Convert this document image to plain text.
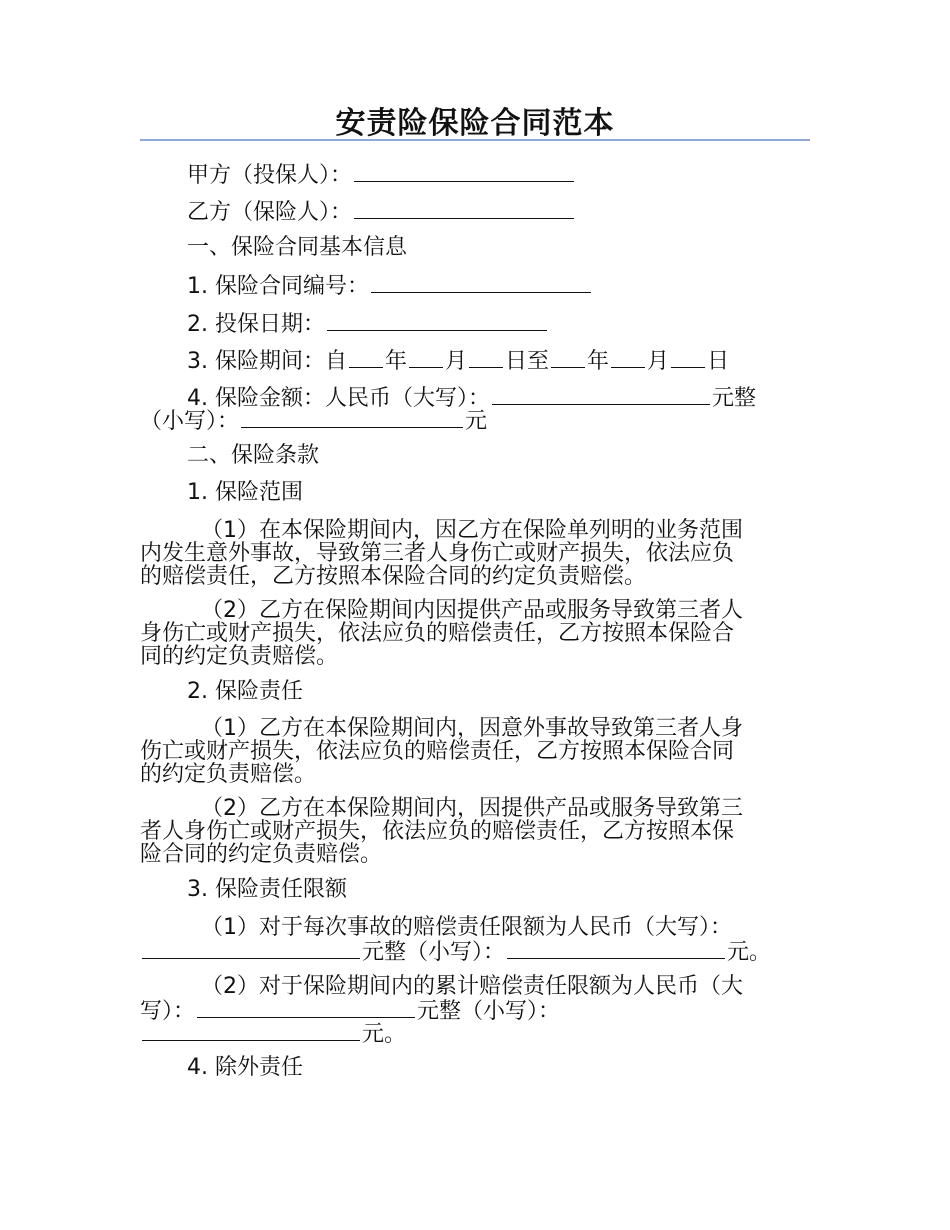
安责险保险合同范本
甲方（投保人）：
乙方（保险人）：
一、保险合同基本信息
1. 保险合同编号：
2. 投保日期：
3. 保险期间：自 年 月 日至 年 月 日
4. 保险金额：人民币（大写）：	元整
（小写）：	元
二、保险条款
1. 保险范围
（1）在本保险期间内，因乙方在保险单列明的业务范围
内发生意外事故，导致第三者人身伤亡或财产损失，依法应负
的赔偿责任，乙方按照本保险合同的约定负责赔偿。
（2）乙方在保险期间内因提供产品或服务导致第三者人
身伤亡或财产损失，依法应负的赔偿责任，乙方按照本保险合
同的约定负责赔偿。
2. 保险责任
（1）乙方在本保险期间内，因意外事故导致第三者人身
伤亡或财产损失，依法应负的赔偿责任，乙方按照本保险合同
的约定负责赔偿。
（2）乙方在本保险期间内，因提供产品或服务导致第三
者人身伤亡或财产损失，依法应负的赔偿责任，乙方按照本保
险合同的约定负责赔偿。
3. 保险责任限额
（1）对于每次事故的赔偿责任限额为人民币（大写）：
元整（小写）：	元。
（2）对于保险期间内的累计赔偿责任限额为人民币（大
写）：	元整（小写）：
元。
4. 除外责任
